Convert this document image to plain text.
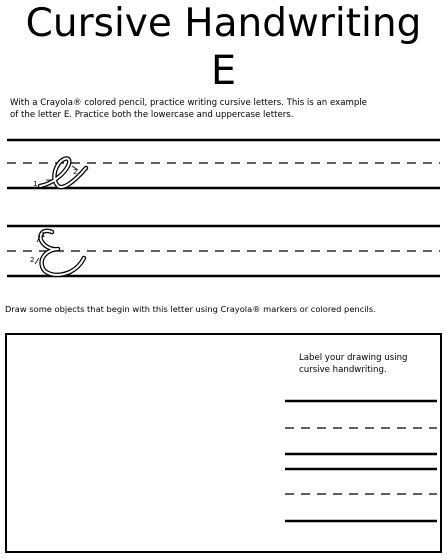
Cursive Handwriting
E
With a Crayola® colored pencil, practice writing cursive letters. This is an example
of the letter E. Practice both the lowercase and uppercase letters.
1
2
1
2
Draw some objects that begin with this letter using Crayola® markers or colored pencils.
Label your drawing using
cursive handwriting.
